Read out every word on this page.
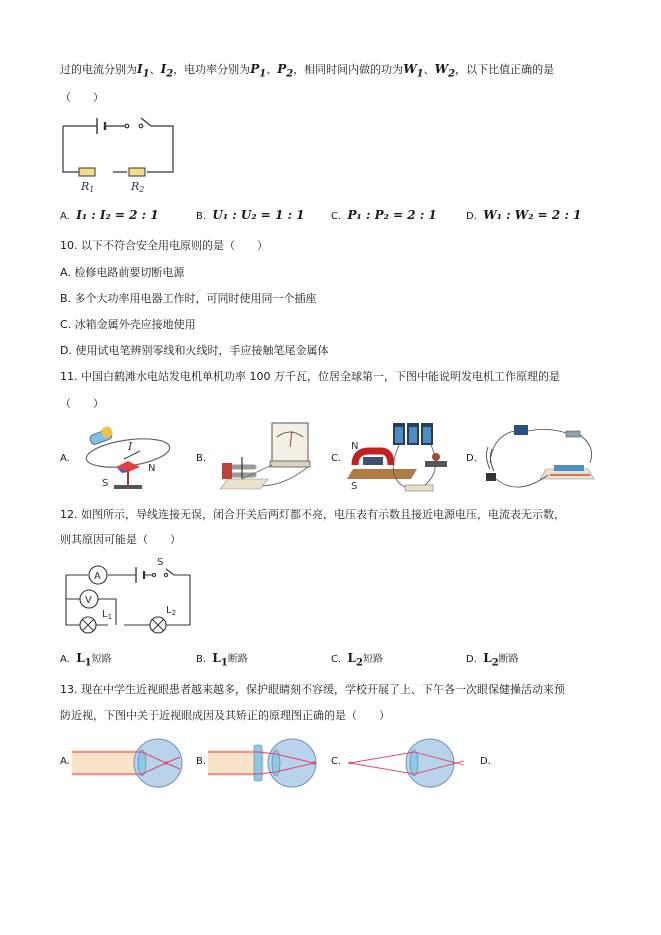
过的电流分别为$I_1$、$I_2$，电功率分别为$P_1$、$P_2$，相同时间内做的功为$W_1$、$W_2$，以下比值正确的是
（　　）
R1	R2
A. I₁ : I₂ = 2 : 1	B. U₁ : U₂ = 1 : 1	C. P₁ : P₂ = 2 : 1	D. W₁ : W₂ = 2 : 1
10. 以下不符合安全用电原则的是（　　）
A. 检修电路前要切断电源
B. 多个大功率用电器工作时，可同时使用同一个插座
C. 冰箱金属外壳应接地使用
D. 使用试电笔辨别零线和火线时，手应接触笔尾金属体
11. 中国白鹤滩水电站发电机单机功率 100 万千瓦，位居全球第一，下图中能说明发电机工作原理的是
（　　）
A.
I
N
S
B.	C.
N
S
D.
12. 如图所示，导线连接无误，闭合开关后两灯都不亮，电压表有示数且接近电源电压，电流表无示数，
则其原因可能是（　　）
A
V
S
$L_1$
$L_2$
A. $L_1$短路	B. $L_1$断路	C. $L_2$短路	D. $L_2$断路
13. 现在中学生近视眼患者越来越多，保护眼睛刻不容缓，学校开展了上、下午各一次眼保健操活动来预
防近视，下图中关于近视眼成因及其矫正的原理图正确的是（　　）
A.	B.	C.	D.
